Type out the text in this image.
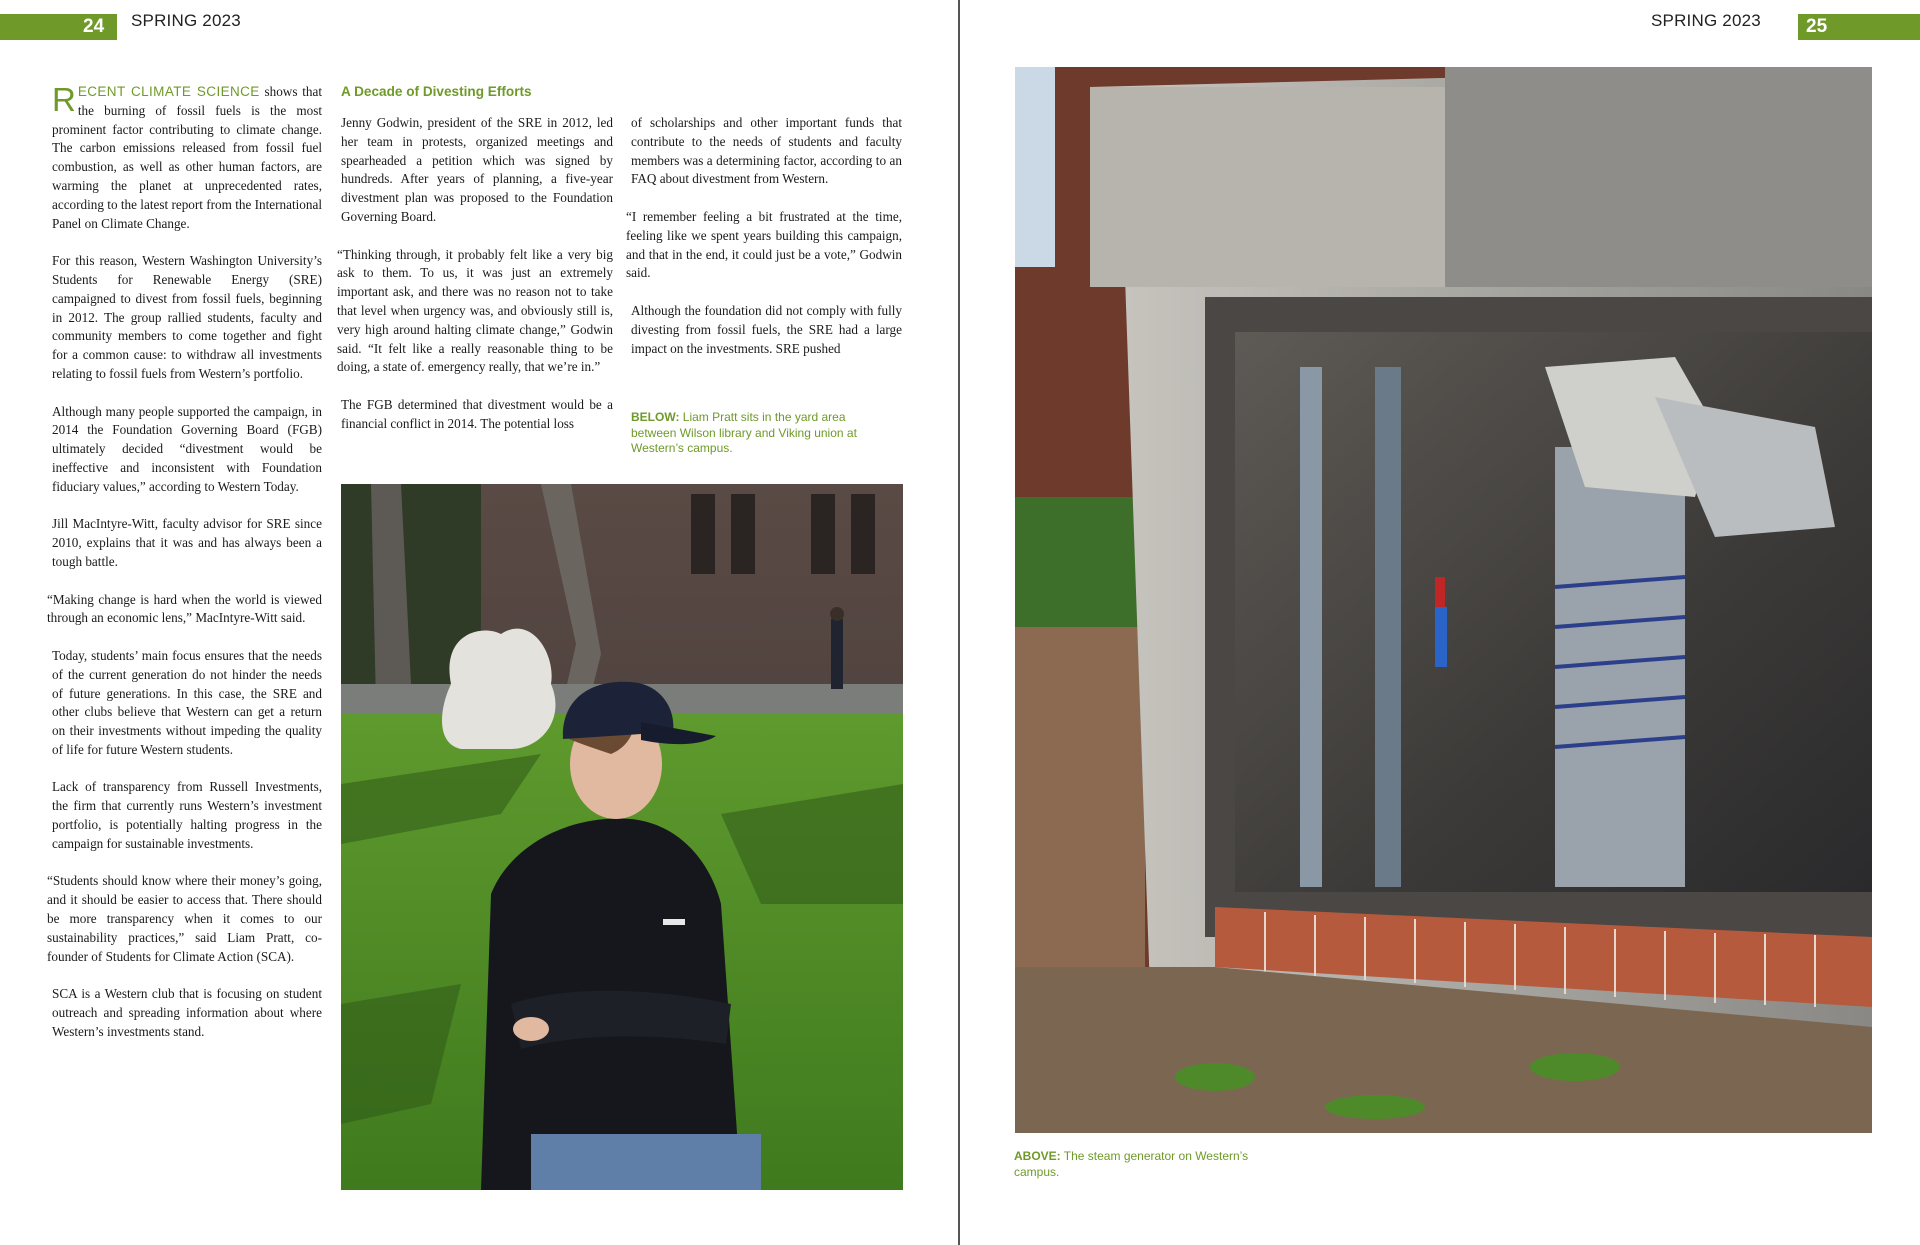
24 SPRING 2023

RECENT CLIMATE SCIENCE shows that the burning of fossil fuels is the most prominent factor contributing to climate change. The carbon emissions released from fossil fuel combustion, as well as other human factors, are warming the planet at unprecedented rates, according to the latest report from the International Panel on Climate Change.

For this reason, Western Washington University’s Students for Renewable Energy (SRE) campaigned to divest from fossil fuels, beginning in 2012. The group rallied students, faculty and community members to come together and fight for a common cause: to withdraw all investments relating to fossil fuels from Western’s portfolio.

Although many people supported the campaign, in 2014 the Foundation Governing Board (FGB) ultimately decided “divestment would be ineffective and inconsistent with Foundation fiduciary values,” according to Western Today.

Jill MacIntyre-Witt, faculty advisor for SRE since 2010, explains that it was and has always been a tough battle.

“Making change is hard when the world is viewed through an economic lens,” MacIntyre-Witt said.

Today, students’ main focus ensures that the needs of the current generation do not hinder the needs of future generations. In this case, the SRE and other clubs believe that Western can get a return on their investments without impeding the quality of life for future Western students.

Lack of transparency from Russell Investments, the firm that currently runs Western’s investment portfolio, is potentially halting progress in the campaign for sustainable investments.

“Students should know where their money’s going, and it should be easier to access that. There should be more transparency when it comes to our sustainability practices,” said Liam Pratt, co-founder of Students for Climate Action (SCA).

SCA is a Western club that is focusing on student outreach and spreading information about where Western’s investments stand.

A Decade of Divesting Efforts

Jenny Godwin, president of the SRE in 2012, led her team in protests, organized meetings and spearheaded a petition which was signed by hundreds. After years of planning, a five-year divestment plan was proposed to the Foundation Governing Board.

“Thinking through, it probably felt like a very big ask to them. To us, it was just an extremely important ask, and there was no reason not to take that level when urgency was, and obviously still is, very high around halting climate change,” Godwin said. “It felt like a really reasonable thing to be doing, a state of. emergency really, that we’re in.”

The FGB determined that divestment would be a financial conflict in 2014. The potential loss

of scholarships and other important funds that contribute to the needs of students and faculty members was a determining factor, according to an FAQ about divestment from Western.

“I remember feeling a bit frustrated at the time, feeling like we spent years building this campaign, and that in the end, it could just be a vote,” Godwin said.

Although the foundation did not comply with fully divesting from fossil fuels, the SRE had a large impact on the investments. SRE pushed

BELOW: Liam Pratt sits in the yard area between Wilson library and Viking union at Western’s campus.
SPRING 2023 25
ABOVE: The steam generator on Western’s campus.
